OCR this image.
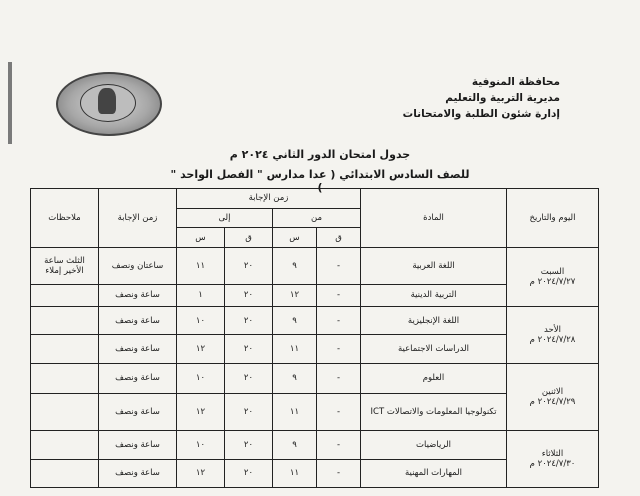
محافظة المنوفية
مديرية التربية والتعليم
إدارة شئون الطلبة والامتحانات
جدول امتحان الدور الثاني ٢٠٢٤ م
للصف السادس الابتدائي ( عدا مدارس " الفصل الواحد " )
اليوم والتاريخ	المادة	زمن الإجابة				زمن الإجابة	ملاحظات
		من		إلى			
		ق	س	ق	س		

السبت
٢٠٢٤/٧/٢٧ م	اللغة العربية	-	٩	٢٠	١١	ساعتان ونصف	الثلث ساعة الأخير إملاء
	التربية الدينية	-	١٢	٢٠	١	ساعة ونصف	

الأحد
٢٠٢٤/٧/٢٨ م	اللغة الإنجليزية	-	٩	٢٠	١٠	ساعة ونصف	
	الدراسات الاجتماعية	-	١١	٢٠	١٢	ساعة ونصف	

الاثنين
٢٠٢٤/٧/٢٩ م	العلوم	-	٩	٢٠	١٠	ساعة ونصف	
	تكنولوجيا المعلومات والاتصالات ICT	-	١١	٢٠	١٢	ساعة ونصف	

الثلاثاء
٢٠٢٤/٧/٣٠ م	الرياضيات	-	٩	٢٠	١٠	ساعة ونصف	
	المهارات المهنية	-	١١	٢٠	١٢	ساعة ونصف	
